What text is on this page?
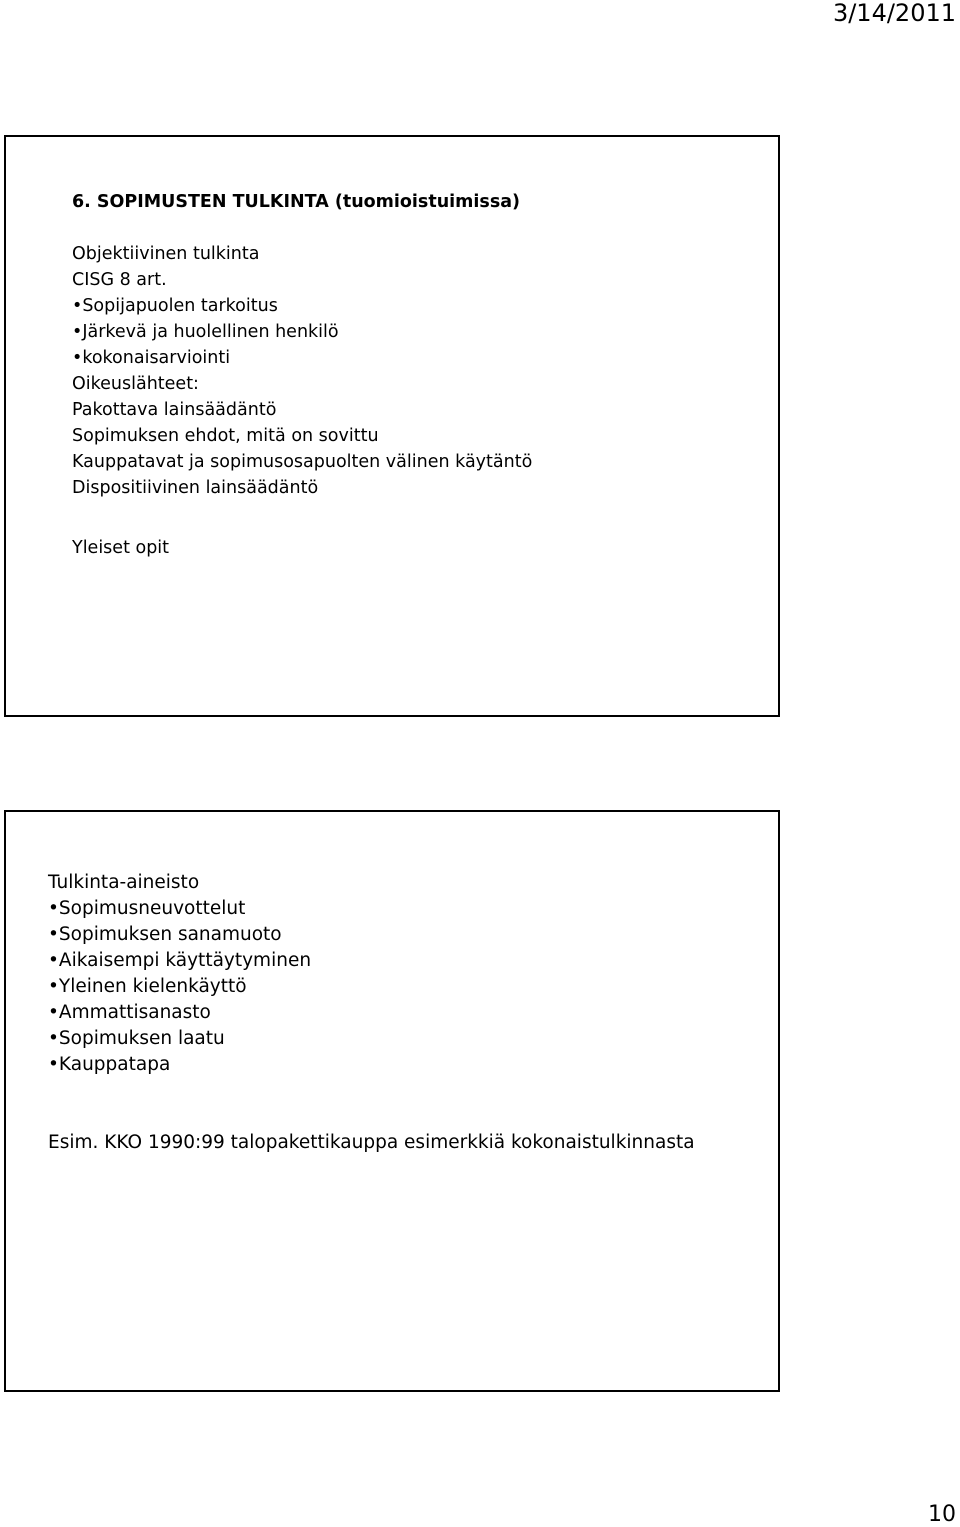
3/14/2011
6. SOPIMUSTEN TULKINTA (tuomioistuimissa)
Objektiivinen tulkinta
CISG 8 art.
• Sopijapuolen tarkoitus
• Järkevä ja huolellinen henkilö
• kokonaisarviointi
Oikeuslähteet:
Pakottava lainsäädäntö
Sopimuksen ehdot, mitä on sovittu
Kauppatavat ja sopimusosapuolten välinen käytäntö
Dispositiivinen lainsäädäntö
Yleiset opit
Tulkinta-aineisto
• Sopimusneuvottelut
• Sopimuksen sanamuoto
• Aikaisempi käyttäytyminen
• Yleinen kielenkäyttö
• Ammattisanasto
• Sopimuksen laatu
• Kauppatapa
Esim. KKO 1990:99 talopakettikauppa esimerkkiä kokonaistulkinnasta
10
